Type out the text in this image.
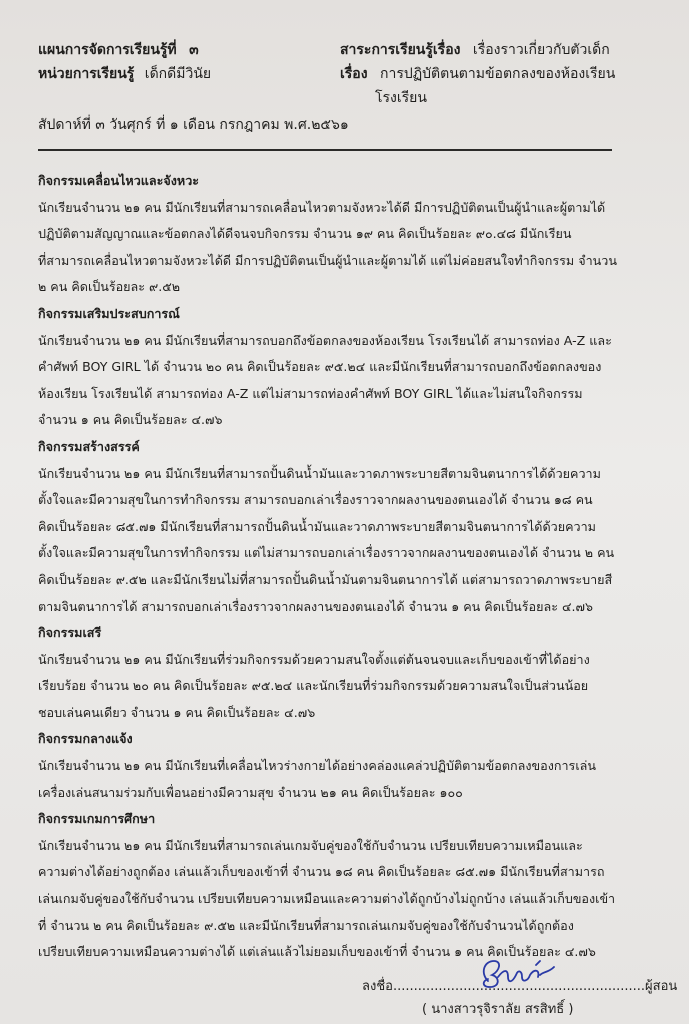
แผนการจัดการเรียนรู้ที่ ๓
หน่วยการเรียนรู้ เด็กดีมีวินัย
สาระการเรียนรู้เรื่อง เรื่องราวเกี่ยวกับตัวเด็ก
เรื่อง การปฏิบัติตนตามข้อตกลงของห้องเรียน
โรงเรียน
สัปดาห์ที่ ๓ วันศุกร์ ที่ ๑ เดือน กรกฎาคม พ.ศ.๒๕๖๑
กิจกรรมเคลื่อนไหวและจังหวะ
นักเรียนจำนวน ๒๑ คน มีนักเรียนที่สามารถเคลื่อนไหวตามจังหวะได้ดี มีการปฏิบัติตนเป็นผู้นำและผู้ตามได้
ปฏิบัติตามสัญญาณและข้อตกลงได้ดีจนจบกิจกรรม จำนวน ๑๙ คน คิดเป็นร้อยละ ๙๐.๔๘ มีนักเรียน
ที่สามารถเคลื่อนไหวตามจังหวะได้ดี มีการปฏิบัติตนเป็นผู้นำและผู้ตามได้ แต่ไม่ค่อยสนใจทำกิจกรรม จำนวน
๒ คน คิดเป็นร้อยละ ๙.๕๒
กิจกรรมเสริมประสบการณ์
นักเรียนจำนวน ๒๑ คน มีนักเรียนที่สามารถบอกถึงข้อตกลงของห้องเรียน โรงเรียนได้ สามารถท่อง A-Z และ
คำศัพท์ BOY GIRL ได้ จำนวน ๒๐ คน คิดเป็นร้อยละ ๙๕.๒๔ และมีนักเรียนที่สามารถบอกถึงข้อตกลงของ
ห้องเรียน โรงเรียนได้ สามารถท่อง A-Z แต่ไม่สามารถท่องคำศัพท์ BOY GIRL ได้และไม่สนใจกิจกรรม
จำนวน ๑ คน คิดเป็นร้อยละ ๔.๗๖
กิจกรรมสร้างสรรค์
นักเรียนจำนวน ๒๑ คน มีนักเรียนที่สามารถปั้นดินน้ำมันและวาดภาพระบายสีตามจินตนาการได้ด้วยความ
ตั้งใจและมีความสุขในการทำกิจกรรม สามารถบอกเล่าเรื่องราวจากผลงานของตนเองได้ จำนวน ๑๘ คน
คิดเป็นร้อยละ ๘๕.๗๑ มีนักเรียนที่สามารถปั้นดินน้ำมันและวาดภาพระบายสีตามจินตนาการได้ด้วยความ
ตั้งใจและมีความสุขในการทำกิจกรรม แต่ไม่สามารถบอกเล่าเรื่องราวจากผลงานของตนเองได้ จำนวน ๒ คน
คิดเป็นร้อยละ ๙.๕๒ และมีนักเรียนไม่ที่สามารถปั้นดินน้ำมันตามจินตนาการได้ แต่สามารถวาดภาพระบายสี
ตามจินตนาการได้ สามารถบอกเล่าเรื่องราวจากผลงานของตนเองได้ จำนวน ๑ คน คิดเป็นร้อยละ ๔.๗๖
กิจกรรมเสรี
นักเรียนจำนวน ๒๑ คน มีนักเรียนที่ร่วมกิจกรรมด้วยความสนใจตั้งแต่ต้นจนจบและเก็บของเข้าที่ได้อย่าง
เรียบร้อย จำนวน ๒๐ คน คิดเป็นร้อยละ ๙๕.๒๔ และนักเรียนที่ร่วมกิจกรรมด้วยความสนใจเป็นส่วนน้อย
ชอบเล่นคนเดียว จำนวน ๑ คน คิดเป็นร้อยละ ๔.๗๖
กิจกรรมกลางแจ้ง
นักเรียนจำนวน ๒๑ คน มีนักเรียนที่เคลื่อนไหวร่างกายได้อย่างคล่องแคล่วปฏิบัติตามข้อตกลงของการเล่น
เครื่องเล่นสนามร่วมกับเพื่อนอย่างมีความสุข จำนวน ๒๑ คน คิดเป็นร้อยละ ๑๐๐
กิจกรรมเกมการศึกษา
นักเรียนจำนวน ๒๑ คน มีนักเรียนที่สามารถเล่นเกมจับคู่ของใช้กับจำนวน เปรียบเทียบความเหมือนและ
ความต่างได้อย่างถูกต้อง เล่นแล้วเก็บของเข้าที่ จำนวน ๑๘ คน คิดเป็นร้อยละ ๘๕.๗๑ มีนักเรียนที่สามารถ
เล่นเกมจับคู่ของใช้กับจำนวน เปรียบเทียบความเหมือนและความต่างได้ถูกบ้างไม่ถูกบ้าง เล่นแล้วเก็บของเข้า
ที่ จำนวน ๒ คน คิดเป็นร้อยละ ๙.๕๒ และมีนักเรียนที่สามารถเล่นเกมจับคู่ของใช้กับจำนวนได้ถูกต้อง
เปรียบเทียบความเหมือนความต่างได้ แต่เล่นแล้วไม่ยอมเก็บของเข้าที่ จำนวน ๑ คน คิดเป็นร้อยละ ๔.๗๖
ลงชื่อ.............................................................ผู้สอน
( นางสาวรุจิราลัย สรสิทธิ์ )
